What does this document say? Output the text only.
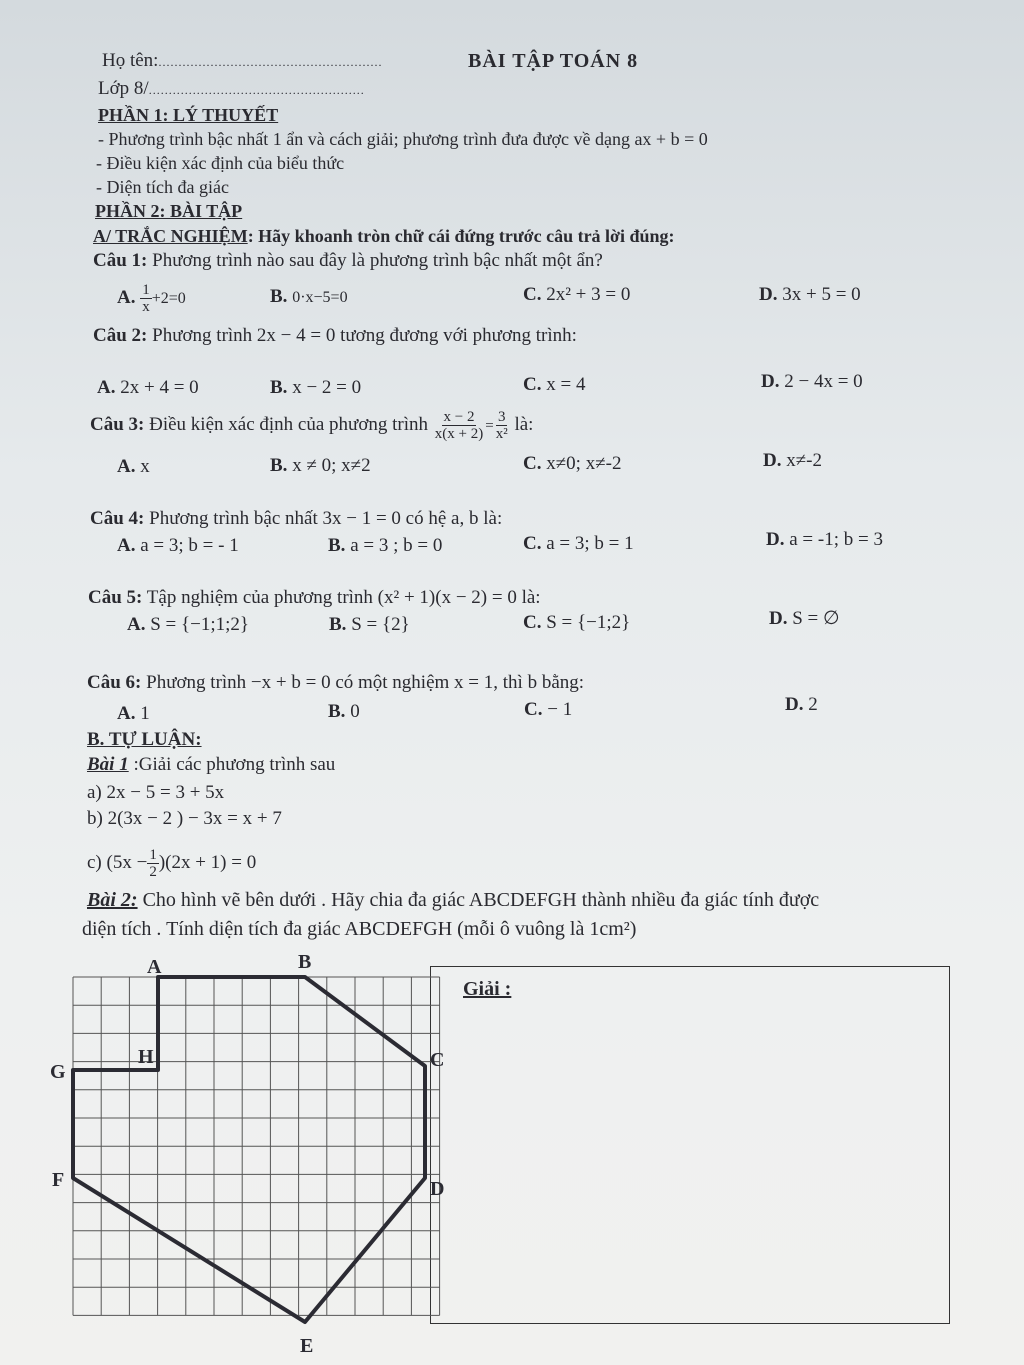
Họ tên:........................................................	BÀI TẬP TOÁN 8
Lớp 8/......................................................
PHẦN 1: LÝ THUYẾT
- Phương trình bậc nhất 1 ẩn và cách giải; phương trình đưa được về dạng ax + b = 0
- Điều kiện xác định của biểu thức
- Diện tích đa giác
PHẦN 2: BÀI TẬP
A/ TRẮC NGHIỆM: Hãy khoanh tròn chữ cái đứng trước câu trả lời đúng:
Câu 1: Phương trình nào sau đây là phương trình bậc nhất một ẩn?
A. $\frac{1}{x} +2=0$	B. 0·x−5=0	C. 2x² + 3 = 0	D. 3x + 5 = 0
Câu 2: Phương trình 2x − 4 = 0 tương đương với phương trình:
A. 2x + 4 = 0	B. x − 2 = 0	C. x = 4	D. 2 − 4x = 0
Câu 3: Điều kiện xác định của phương trình $\frac{x - 2}{x(x + 2)} = \frac{3}{\text{x²}}$ là:
A. x	B. x ≠ 0; x≠2	C. x≠0; x≠-2	D. x≠-2
Câu 4: Phương trình bậc nhất 3x − 1 = 0 có hệ a, b là:
A. a = 3; b = - 1	B. a = 3 ; b = 0	C. a = 3; b = 1	D. a = -1; b = 3
Câu 5: Tập nghiệm của phương trình (x² + 1)(x − 2) = 0 là:
A. S = {−1;1;2}	B. S = {2}	C. S = {−1;2}	D. S = ∅
Câu 6: Phương trình −x + b = 0 có một nghiệm x = 1, thì b bằng:
A. 1	B. 0	C. − 1	D. 2
B. TỰ LUẬN:
Bài 1 :Giải các phương trình sau
a) 2x − 5 = 3 + 5x
b) 2(3x − 2 ) − 3x = x + 7
c) $(5x - \frac{1}{2} )(2x + 1) = 0$
Bài 2: Cho hình vẽ bên dưới . Hãy chia đa giác ABCDEFGH thành nhiều đa giác tính được
diện tích . Tính diện tích đa giác ABCDEFGH (mỗi ô vuông là 1cm²)
Giải :
A	B
C
D
E
F
G
H
